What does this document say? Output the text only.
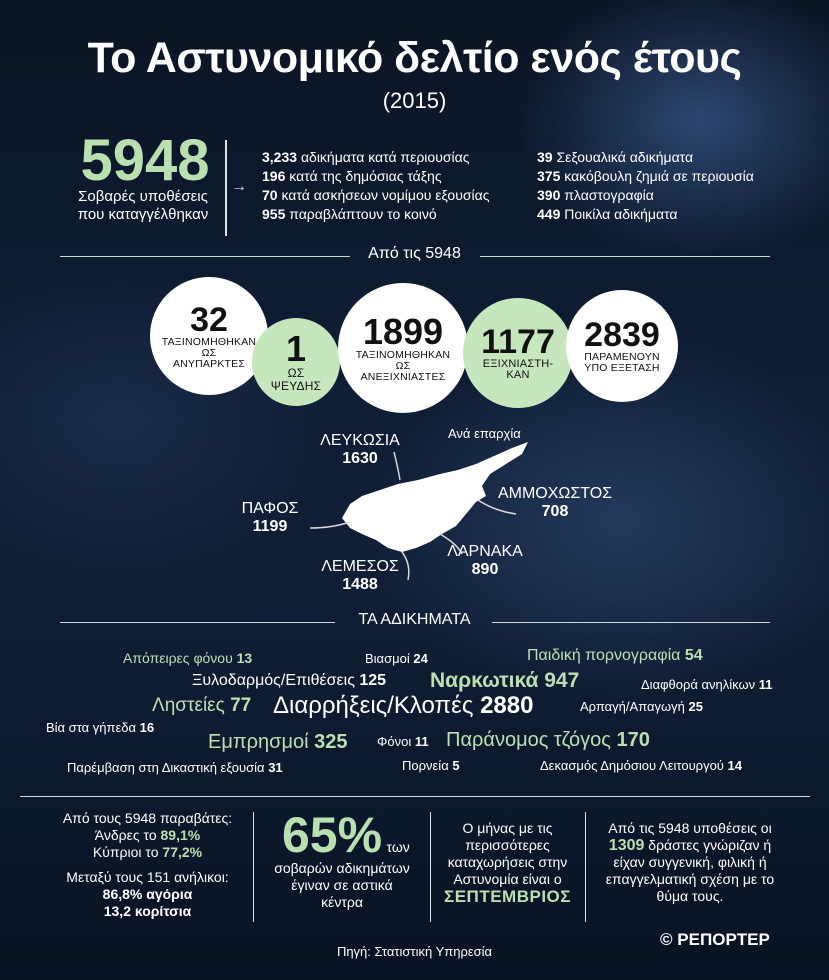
Το Αστυνομικό δελτίο ενός έτους
(2015)
5948
Σοβαρές υποθέσεις
που καταγγέλθηκαν
→
3,233 αδικήματα κατά περιουσίας
196 κατά της δημόσιας τάξης
70 κατά ασκήσεων νομίμου εξουσίας
955 παραβλάπτουν το κοινό
39 Σεξουαλικά αδικήματα
375 κακόβουλη ζημιά σε περιουσία
390 πλαστογραφία
449 Ποικίλα αδικήματα
Από τις 5948
32
ΤΑΞΙΝΟΜΗΘΗΚΑΝ
ΩΣ
ΑΝΥΠΑΡΚΤΕΣ 1
ΩΣ
ΨΕΥΔΗΣ
1899
ΤΑΞΙΝΟΜΗΘΗΚΑΝ
ΩΣ
ΑΝΕΞΙΧΝΙΑΣΤΕΣ
1177
ΕΞΙΧΝΙΑΣΤΗ-
ΚΑΝ
2839
ΠΑΡΑΜΕΝΟΥΝ
ΥΠΟ ΕΞΕΤΑΣΗ
Ανά επαρχία
ΛΕΥΚΩΣΙΑ
1630
ΑΜΜΟΧΩΣΤΟΣ
708
ΠΑΦΟΣ
1199
ΛΑΡΝΑΚΑ
890
ΛΕΜΕΣΟΣ
1488
ΤΑ ΑΔΙΚΗΜΑΤΑ
Απόπειρες φόνου 13	Βιασμοί 24	Παιδική πορνογραφία 54
Ξυλοδαρμός/Επιθέσεις 125 Ναρκωτικά 947	Διαφθορά ανηλίκων 11
Ληστείες 77 Διαρρήξεις/Κλοπές 2880	Αρπαγή/Απαγωγή 25
Βία στα γήπεδα 16
Εμπρησμοί 325 Φόνοι 11 Παράνομος τζόγος 170
Παρέμβαση στη Δικαστική εξουσία 31	Πορνεία 5	Δεκασμός Δημόσιου Λειτουργού 14
Από τους 5948 παραβάτες:
Άνδρες το 89,1%
Κύπριοι το 77,2%
Μεταξύ τους 151 ανήλικοι:
86,8% αγόρια
13,2 κορίτσια
65% των
σοβαρών αδικημάτων
έγιναν σε αστικά
κέντρα
Ο μήνας με τις
περισσότερες
καταχωρήσεις στην
Αστυνομία είναι ο
ΣΕΠΤΕΜΒΡΙΟΣ
Από τις 5948 υποθέσεις οι
1309 δράστες γνώριζαν ή
είχαν συγγενική, φιλική ή
επαγγελματική σχέση με το
θύμα τους.
Πηγή: Στατιστική Υπηρεσία
© ΡΕΠΟΡΤΕΡ
